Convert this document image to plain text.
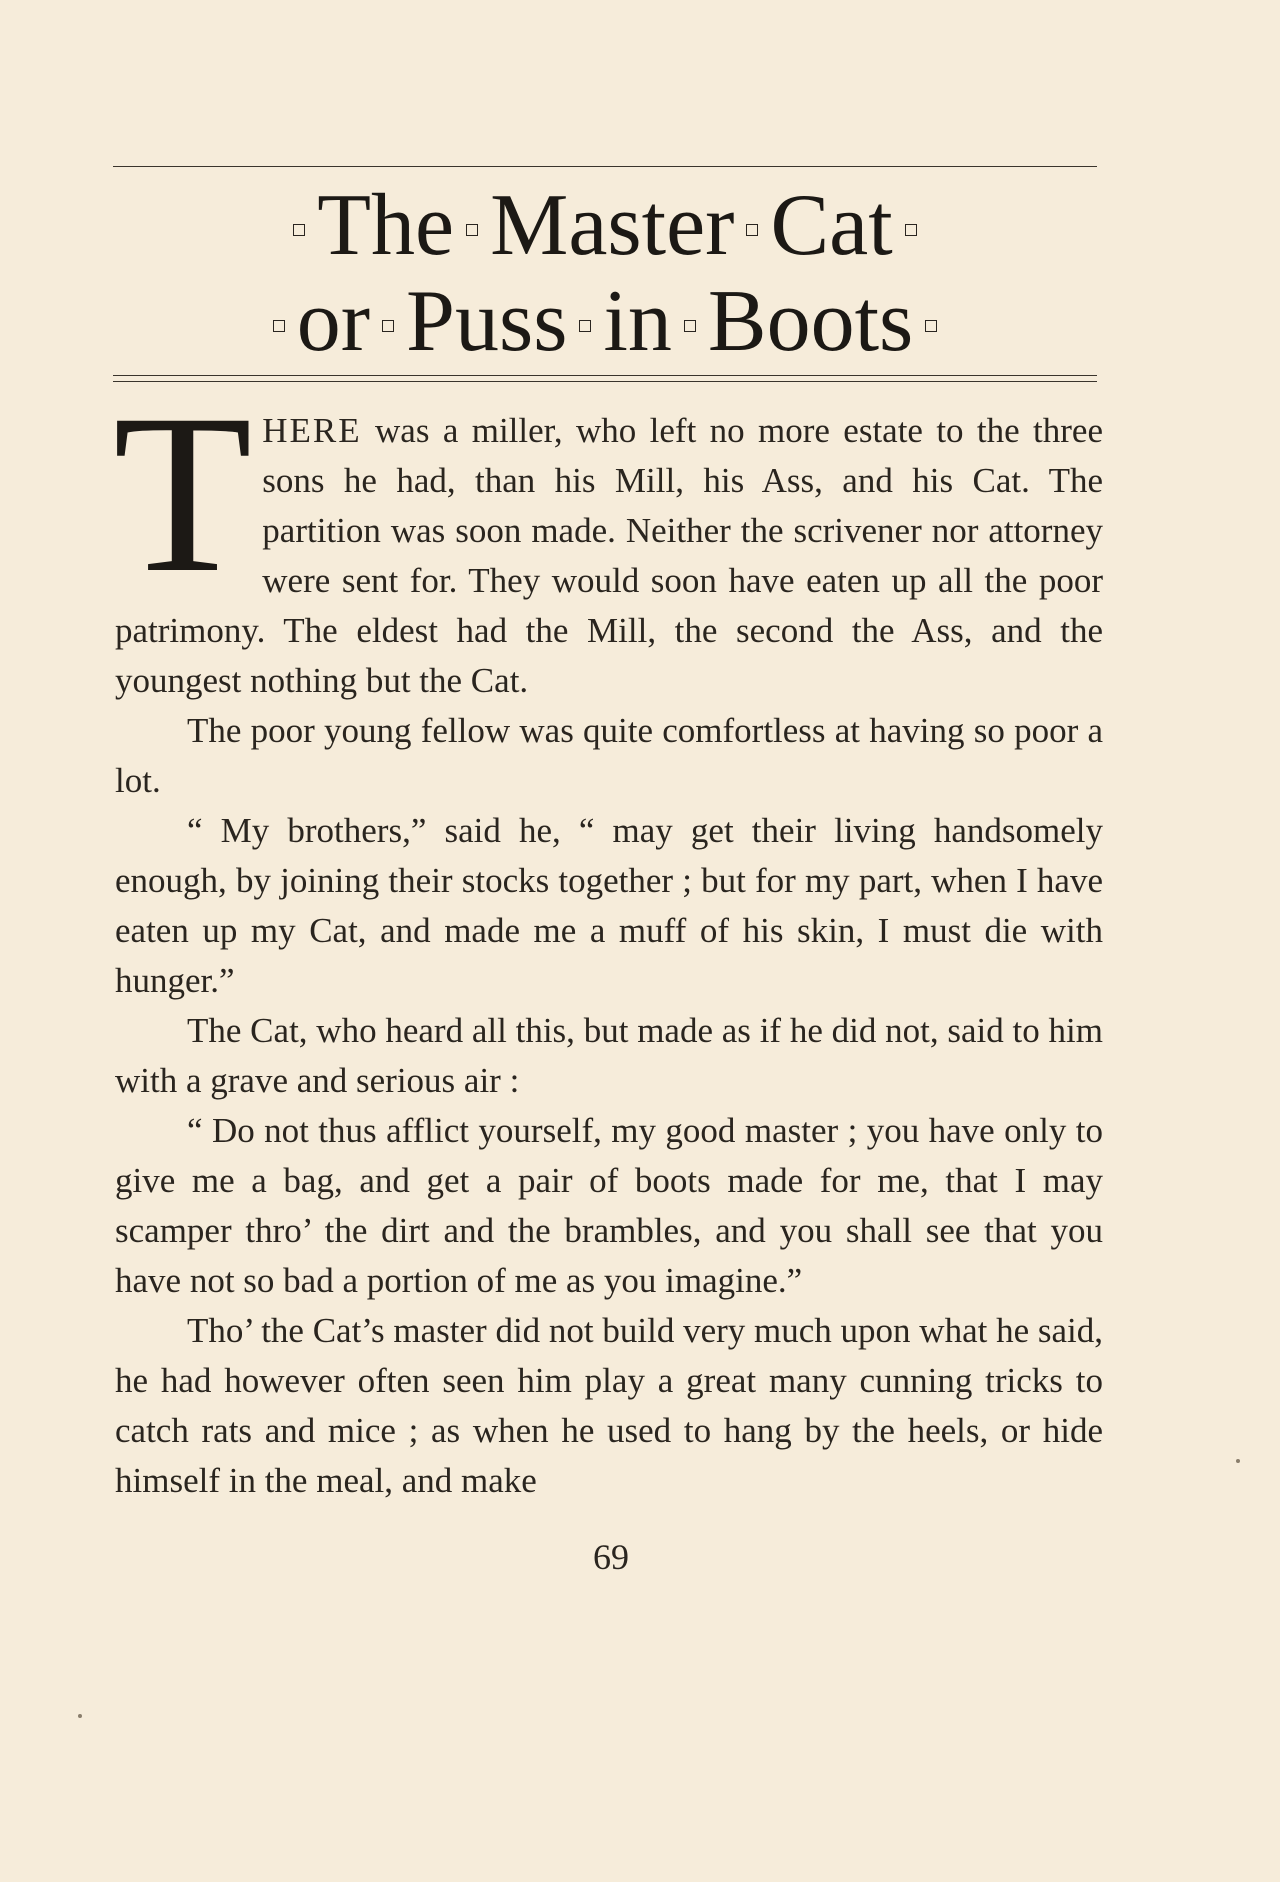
The Master Cat
or Puss in Boots

THERE was a miller, who left no more estate to the three sons he had, than his Mill, his Ass, and his Cat. The partition was soon made. Neither the scrivener nor attorney were sent for. They would soon have eaten up all the poor patrimony. The eldest had the Mill, the second the Ass, and the youngest nothing but the Cat.

The poor young fellow was quite comfortless at having so poor a lot.

“ My brothers,” said he, “ may get their living handsomely enough, by joining their stocks together ; but for my part, when I have eaten up my Cat, and made me a muff of his skin, I must die with hunger.”

The Cat, who heard all this, but made as if he did not, said to him with a grave and serious air :

“ Do not thus afflict yourself, my good master ; you have only to give me a bag, and get a pair of boots made for me, that I may scamper thro’ the dirt and the brambles, and you shall see that you have not so bad a portion of me as you imagine.”

Tho’ the Cat’s master did not build very much upon what he said, he had however often seen him play a great many cunning tricks to catch rats and mice ; as when he used to hang by the heels, or hide himself in the meal, and make

69
